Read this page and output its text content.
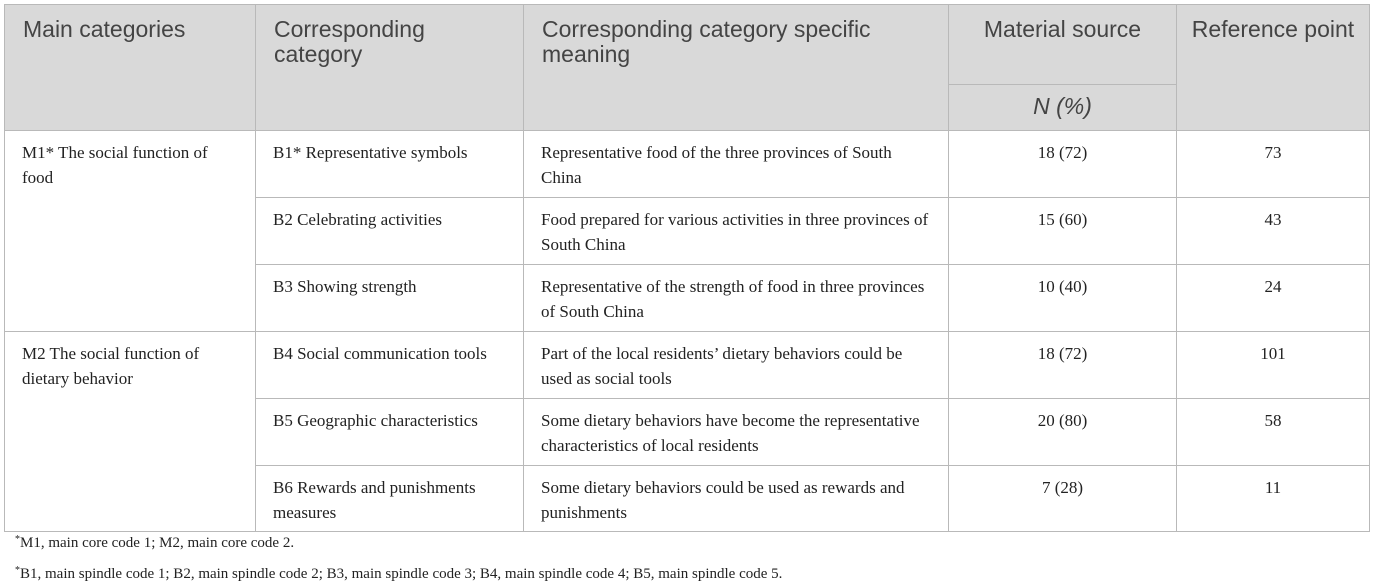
Main categories	Corresponding category	Corresponding category specific meaning	Material source	Reference point
			N (%)	
M1* The social function of food	B1* Representative symbols	Representative food of the three provinces of South China	18 (72)	73
	B2 Celebrating activities	Food prepared for various activities in three provinces of South China	15 (60)	43
	B3 Showing strength	Representative of the strength of food in three provinces of South China	10 (40)	24
M2 The social function of dietary behavior	B4 Social communication tools	Part of the local residents’ dietary behaviors could be used as social tools	18 (72)	101
	B5 Geographic characteristics	Some dietary behaviors have become the representative characteristics of local residents	20 (80)	58
	B6 Rewards and punishments measures	Some dietary behaviors could be used as rewards and punishments	7 (28)	11

*M1, main core code 1; M2, main core code 2.

*B1, main spindle code 1; B2, main spindle code 2; B3, main spindle code 3; B4, main spindle code 4; B5, main spindle code 5.
